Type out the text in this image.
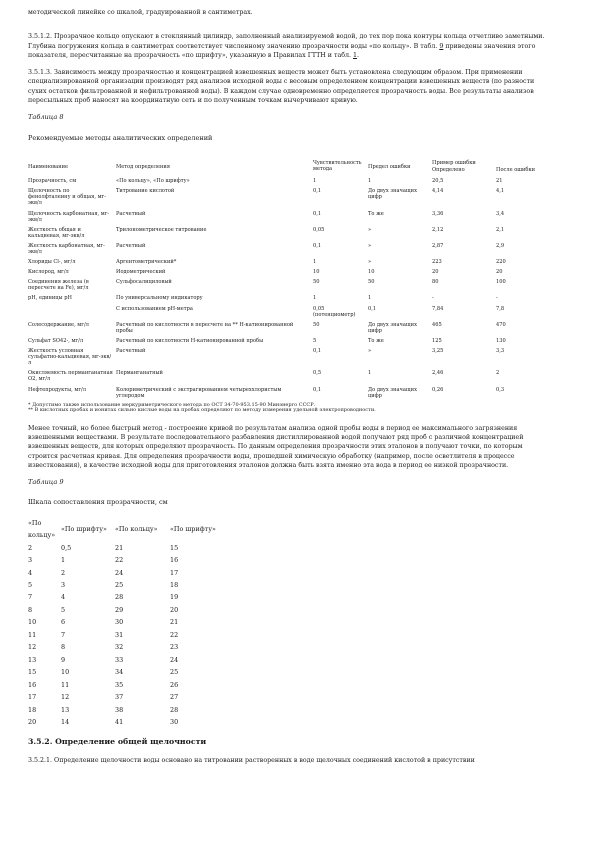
методической линейке со шкалой, градуированной в сантиметрах.

3.5.1.2. Прозрачное кольцо опускают в стеклянный цилиндр, заполненный анализируемой водой, до тех пор пока контуры кольца отчетливо заметными. Глубина погружения кольца в сантиметрах соответствует численному значению прозрачности воды «по кольцу». В табл. 9 приведены значения этого показателя, пересчитанные на прозрачность «по шрифту», указанную в Правилах ГТТН и табл. 1.

3.5.1.3. Зависимость между прозрачностью и концентрацией взвешенных веществ может быть установлена следующим образом. При применении специализированной организации производят ряд анализов исходной воды с весовым определением концентрации взвешенных веществ (по разности сухих остатков фильтрованной и нефильтрованной воды). В каждом случае одновременно определяется прозрачность воды. Все результаты анализов пересыльных проб наносят на координатную сеть и по полученным точкам вычерчивают кривую.

Таблица 8

Рекомендуемые методы аналитических определений

Наименование	Метод определения	Чувствительность метода	Предел ошибки	Пример ошибки	
				Определено	После ошибки
Прозрачность, см	«По кольцу», «По шрифту»	1	1	20,5	21
Щелочность по фенолфталеину и общая, мг-экв/л	Титрование кислотой	0,1	До двух значащих цифр	4,14	4,1
Щелочность карбонатная, мг-экв/л	Расчетный	0,1	То же	3,36	3,4
Жесткость общая и кальциевая, мг-экв/л	Трилонометрическое титрование	0,05	»	2,12	2,1
Жесткость карбонатная, мг-экв/л	Расчетный	0,1	»	2,87	2,9
Хлориды Cl-, мг/л	Аргентометрический*	1	»	223	220
Кислород, мг/л	Иодометрический	10	10	20	20
Соединения железа (в пересчете на Fe), мг/л	Сульфосалициловый	50	50	80	100
pH, единицы pH	По универсальному индикатору	1	1	-	-
	С использованием pH-метра	0,05 (потенциометр)	0,1	7,84	7,8
Солесодержание, мг/л	Расчетный по кислотности в пересчете на ** Н-катионированной пробы	50	До двух значащих цифр	465	470
Сульфат SO42-, мг/л	Расчетный по кислотности Н-катионированной пробы	5	То же	125	130
Жесткость условная сульфатно-кальциевая, мг-экв/л	Расчетный	0,1	»	3,25	3,3
Окисляемость перманганатная O2, мг/л	Перманганатный	0,5	1	2,46	2
Нефтепродукты, мг/л	Колориметрический с экстрагированием четыреххлористым углеродом	0,1	До двух значащих цифр	0,26	0,3

* Допустимо также использование меркуриметрического метода по ОСТ 34-70-953.15-90 Минэнерго СССР.

** В кислотных пробах и ионитах сильно кислые воды на пробах определяют по методу измерения удельной электропроводности.

Менее точный, но более быстрый метод - построение кривой по результатам анализа одной пробы воды в период ее максимального загрязнения взвешенными веществами. В результате последовательного разбавления дистиллированной водой получают ряд проб с различной концентрацией взвешенных веществ, для которых определяют прозрачность. По данным определения прозрачности этих эталонов в получают точки, по которым строится расчетная кривая. Для определения прозрачности воды, прошедшей химическую обработку (например, после осветлителя в процессе известкования), в качестве исходной воды для приготовления эталонов должна быть взята именно эта вода в период ее низкой прозрачности.

Таблица 9

Шкала сопоставления прозрачности, см

«По кольцу»	«По шрифту»	«По кольцу»	«По шрифту»
2	0,5	21	15
3	1	22	16
4	2	24	17
5	3	25	18
7	4	28	19
8	5	29	20
10	6	30	21
11	7	31	22
12	8	32	23
13	9	33	24
15	10	34	25
16	11	35	26
17	12	37	27
18	13	38	28
20	14	41	30
3.5.2. Определение общей щелочности

3.5.2.1. Определение щелочности воды основано на титровании растворенных в воде щелочных соединений кислотой в присутствии
